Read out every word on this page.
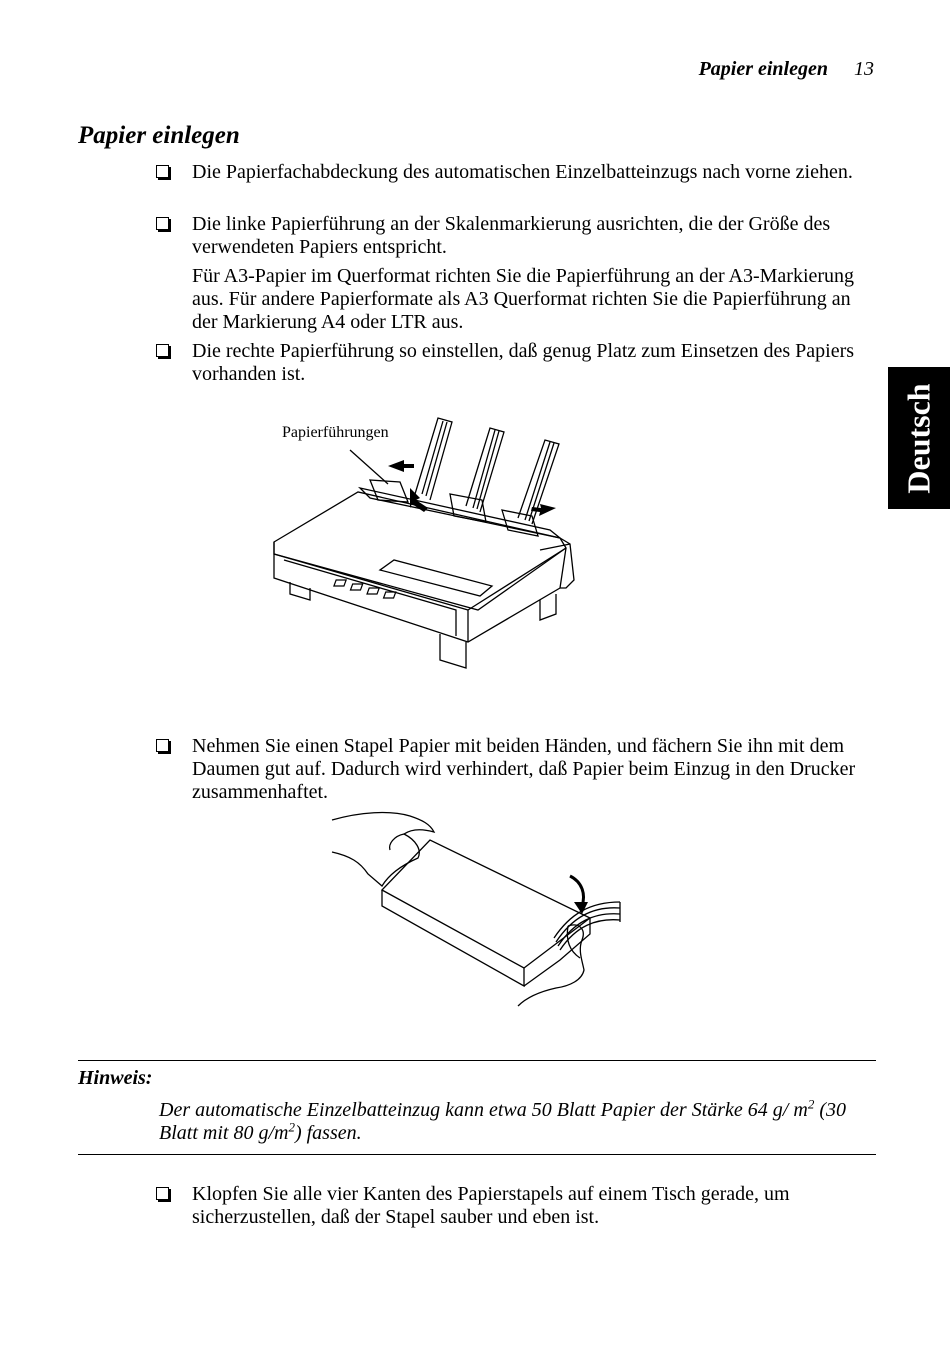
Papier einlegen 13
Papier einlegen
Deutsch
Die Papierfachabdeckung des automatischen Einzelbatteinzugs nach vorne ziehen.
Die linke Papierführung an der Skalenmarkierung ausrichten, die der Größe des verwendeten Papiers entspricht.
Für A3-Papier im Querformat richten Sie die Papierführung an der A3-Markierung aus. Für andere Papierformate als A3 Querformat richten Sie die Papierführung an der Markierung A4 oder LTR aus.
Die rechte Papierführung so einstellen, daß genug Platz zum Einsetzen des Papiers vorhanden ist.
Papierführungen
Nehmen Sie einen Stapel Papier mit beiden Händen, und fächern Sie ihn mit dem Daumen gut auf. Dadurch wird verhindert, daß Papier beim Einzug in den Drucker zusammenhaftet.
Hinweis:
Der automatische Einzelbatteinzug kann etwa 50 Blatt Papier der Stärke 64 g/ $m^2$ (30 Blatt mit 80 $g/m^2$) fassen.
Klopfen Sie alle vier Kanten des Papierstapels auf einem Tisch gerade, um sicherzustellen, daß der Stapel sauber und eben ist.
